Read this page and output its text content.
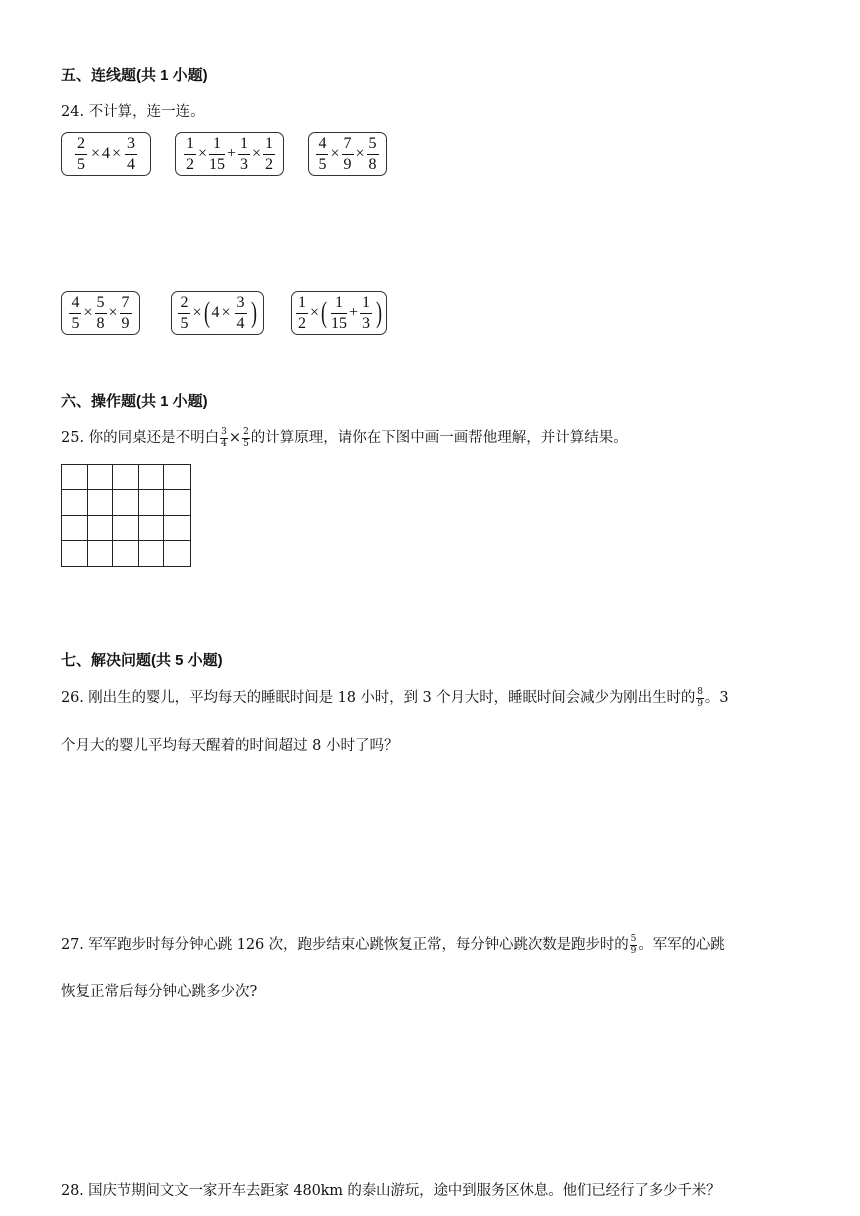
五、连线题(共 1 小题)
24. 不计算，连一连。
$\frac{2}{5} \times 4 \times \frac{3}{4}$	$\frac{1}{2} \times \frac{1}{15} + \frac{1}{3} \times \frac{1}{2}$	$\frac{4}{5} \times \frac{7}{9} \times \frac{5}{8}$
$\frac{4}{5} \times \frac{5}{8} \times \frac{7}{9}$	$\frac{2}{5}$ × ( $4 \times \frac{3}{4}$ ) $\frac{1}{2}$ × ( $\frac{1}{15} + \frac{1}{3}$ )
六、操作题(共 1 小题)
25. 你的同桌还是不明白 $\frac{3}{4} \times \frac{2}{5}$ 的计算原理，请你在下图中画一画帮他理解，并计算结果。
七、解决问题(共 5 小题)
26. 刚出生的婴儿，平均每天的睡眠时间是 18 小时，到 3 个月大时，睡眠时间会减少为刚出生时的 $\frac{8}{9}$ 。3
个月大的婴儿平均每天醒着的时间超过 8 小时了吗？
27. 军军跑步时每分钟心跳 126 次，跑步结束心跳恢复正常，每分钟心跳次数是跑步时的 $\frac{5}{9}$ 。军军的心跳
恢复正常后每分钟心跳多少次?
28. 国庆节期间文文一家开车去距家 480km 的泰山游玩，途中到服务区休息。他们已经行了多少千米？
